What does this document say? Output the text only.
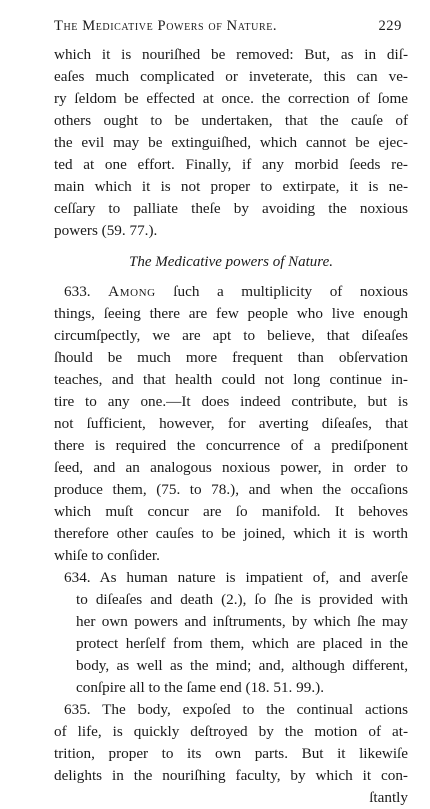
The Medicative Powers of Nature.	229
which it is nouriſhed be removed: But, as in diſ-
eaſes much complicated or inveterate, this can ve-
ry ſeldom be effected at once. the correction of ſome
others ought to be undertaken, that the cauſe of
the evil may be extinguiſhed, which cannot be ejec-
ted at one effort. Finally, if any morbid ſeeds re-
main which it is not proper to extirpate, it is ne-
ceſſary to palliate theſe by avoiding the noxious
powers (59. 77.).
The Medicative powers of Nature.
633. Among ſuch a multiplicity of noxious
things, ſeeing there are few people who live enough
circumſpectly, we are apt to believe, that diſeaſes
ſhould be much more frequent than obſervation
teaches, and that health could not long continue in-
tire to any one.—It does indeed contribute, but is
not ſufficient, however, for averting diſeaſes, that
there is required the concurrence of a prediſponent
ſeed, and an analogous noxious power, in order to
produce them, (75. to 78.), and when the occaſions
which muſt concur are ſo manifold. It behoves
therefore other cauſes to be joined, which it is worth
whiſe to conſider.
634. As human nature is impatient of, and averſe
to diſeaſes and death (2.), ſo ſhe is provided with
her own powers and inſtruments, by which ſhe may
protect herſelf from them, which are placed in the
body, as well as the mind; and, although different,
conſpire all to the ſame end (18. 51. 99.).
635. The body, expoſed to the continual actions
of life, is quickly deſtroyed by the motion of at-
trition, proper to its own parts. But it likewiſe
delights in the nouriſhing faculty, by which it con-
ſtantly
